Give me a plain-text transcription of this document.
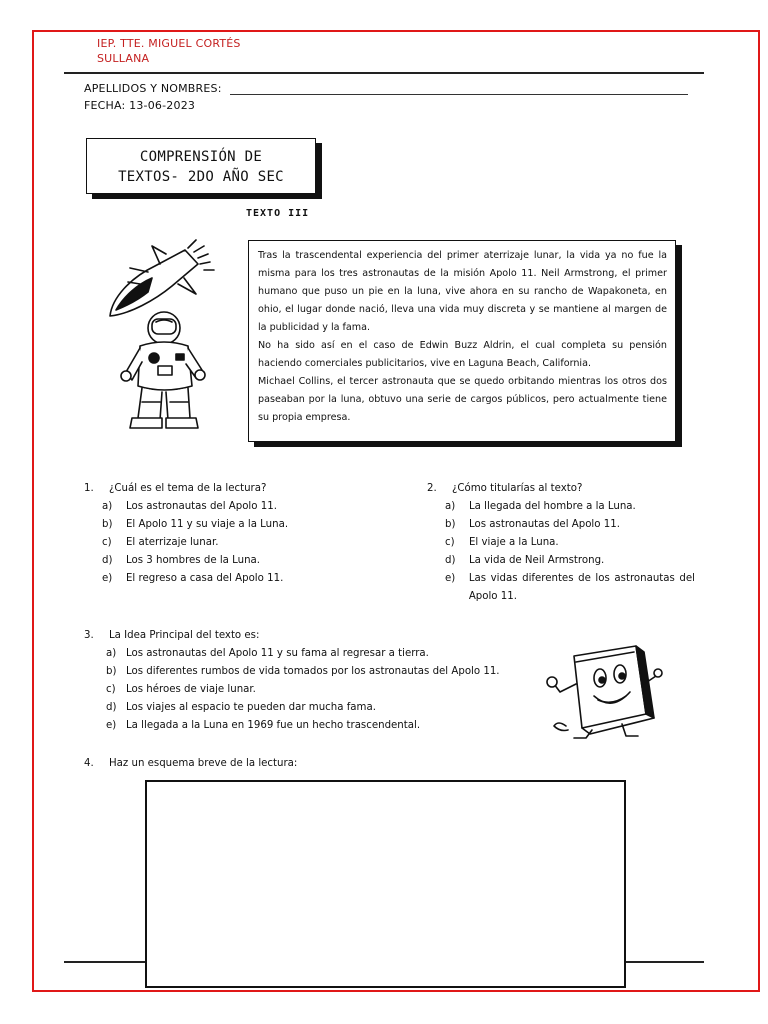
IEP. TTE. MIGUEL CORTÉS
SULLANA
APELLIDOS Y NOMBRES:
FECHA: 13-06-2023
COMPRENSIÓN DE
TEXTOS- 2DO AÑO SEC
TEXTO III

Tras la trascendental experiencia del primer aterrizaje lunar, la vida ya no fue la misma para los tres astronautas de la misión Apolo 11. Neil Armstrong, el primer humano que puso un pie en la luna, vive ahora en su rancho de Wapakoneta, en ohio, el lugar donde nació, lleva una vida muy discreta y se mantiene al margen de la publicidad y la fama.

No ha sido así en el caso de Edwin Buzz Aldrin, el cual completa su pensión haciendo comerciales publicitarios, vive en Laguna Beach, California.

Michael Collins, el tercer astronauta que se quedo orbitando mientras los otros dos paseaban por la luna, obtuvo una serie de cargos públicos, pero actualmente tiene su propia empresa.

1.	¿Cuál es el tema de la lectura?
a)	Los astronautas del Apolo 11.
b)	El Apolo 11 y su viaje a la Luna.
c)	El aterrizaje lunar.
d)	Los 3 hombres de la Luna.
e)	El regreso a casa del Apolo 11.
2.	¿Cómo titularías al texto?
a)	La llegada del hombre a la Luna.
b)	Los astronautas del Apolo 11.
c)	El viaje a la Luna.
d)	La vida de Neil Armstrong.
e)	Las vidas diferentes de los astronautas del Apolo 11.
3.	La Idea Principal del texto es:
a) Los astronautas del Apolo 11 y su fama al regresar a tierra.
b) Los diferentes rumbos de vida tomados por los astronautas del Apolo 11.
c)	Los héroes de viaje lunar.
d) Los viajes al espacio te pueden dar mucha fama.
e) La llegada a la Luna en 1969 fue un hecho trascendental.
4.	Haz un esquema breve de la lectura:
